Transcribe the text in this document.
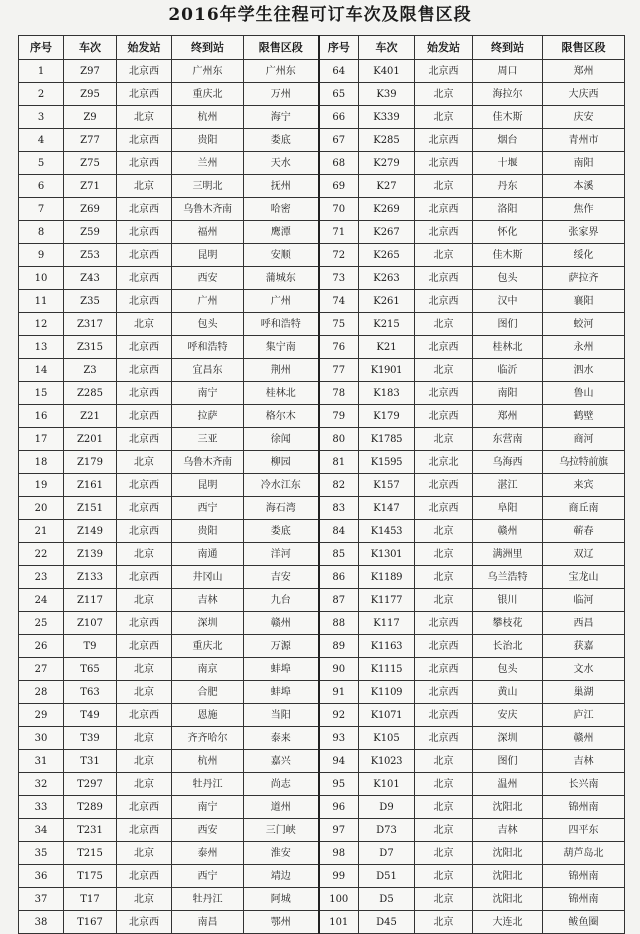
2016年学生往程可订车次及限售区段
序号	车次	始发站	终到站	限售区段	序号	车次	始发站	终到站	限售区段
1	Z97	北京西	广州东	广州东	64	K401	北京西	周口	郑州
2	Z95	北京西	重庆北	万州	65	K39	北京	海拉尔	大庆西
3	Z9	北京	杭州	海宁	66	K339	北京	佳木斯	庆安
4	Z77	北京西	贵阳	娄底	67	K285	北京西	烟台	青州市
5	Z75	北京西	兰州	天水	68	K279	北京西	十堰	南阳
6	Z71	北京	三明北	抚州	69	K27	北京	丹东	本溪
7	Z69	北京西	乌鲁木齐南	哈密	70	K269	北京西	洛阳	焦作
8	Z59	北京西	福州	鹰潭	71	K267	北京西	怀化	张家界
9	Z53	北京西	昆明	安顺	72	K265	北京	佳木斯	绥化
10	Z43	北京西	西安	蒲城东	73	K263	北京西	包头	萨拉齐
11	Z35	北京西	广州	广州	74	K261	北京西	汉中	襄阳
12	Z317	北京	包头	呼和浩特	75	K215	北京	图们	蛟河
13	Z315	北京西	呼和浩特	集宁南	76	K21	北京西	桂林北	永州
14	Z3	北京西	宜昌东	荆州	77	K1901	北京	临沂	泗水
15	Z285	北京西	南宁	桂林北	78	K183	北京西	南阳	鲁山
16	Z21	北京西	拉萨	格尔木	79	K179	北京西	郑州	鹤壁
17	Z201	北京西	三亚	徐闻	80	K1785	北京	东营南	商河
18	Z179	北京	乌鲁木齐南	柳园	81	K1595	北京北	乌海西	乌拉特前旗
19	Z161	北京西	昆明	冷水江东	82	K157	北京西	湛江	来宾
20	Z151	北京西	西宁	海石湾	83	K147	北京西	阜阳	商丘南
21	Z149	北京西	贵阳	娄底	84	K1453	北京	赣州	蕲春
22	Z139	北京	南通	洋河	85	K1301	北京	满洲里	双辽
23	Z133	北京西	井冈山	吉安	86	K1189	北京	乌兰浩特	宝龙山
24	Z117	北京	吉林	九台	87	K1177	北京	银川	临河
25	Z107	北京西	深圳	赣州	88	K117	北京西	攀枝花	西昌
26	T9	北京西	重庆北	万源	89	K1163	北京西	长治北	获嘉
27	T65	北京	南京	蚌埠	90	K1115	北京西	包头	文水
28	T63	北京	合肥	蚌埠	91	K1109	北京西	黄山	巢湖
29	T49	北京西	恩施	当阳	92	K1071	北京西	安庆	庐江
30	T39	北京	齐齐哈尔	泰来	93	K105	北京西	深圳	赣州
31	T31	北京	杭州	嘉兴	94	K1023	北京	图们	吉林
32	T297	北京	牡丹江	尚志	95	K101	北京	温州	长兴南
33	T289	北京西	南宁	道州	96	D9	北京	沈阳北	锦州南
34	T231	北京西	西安	三门峡	97	D73	北京	吉林	四平东
35	T215	北京	泰州	淮安	98	D7	北京	沈阳北	葫芦岛北
36	T175	北京西	西宁	靖边	99	D51	北京	沈阳北	锦州南
37	T17	北京	牡丹江	阿城	100	D5	北京	沈阳北	锦州南
38	T167	北京西	南昌	鄂州	101	D45	北京	大连北	鲅鱼圈
